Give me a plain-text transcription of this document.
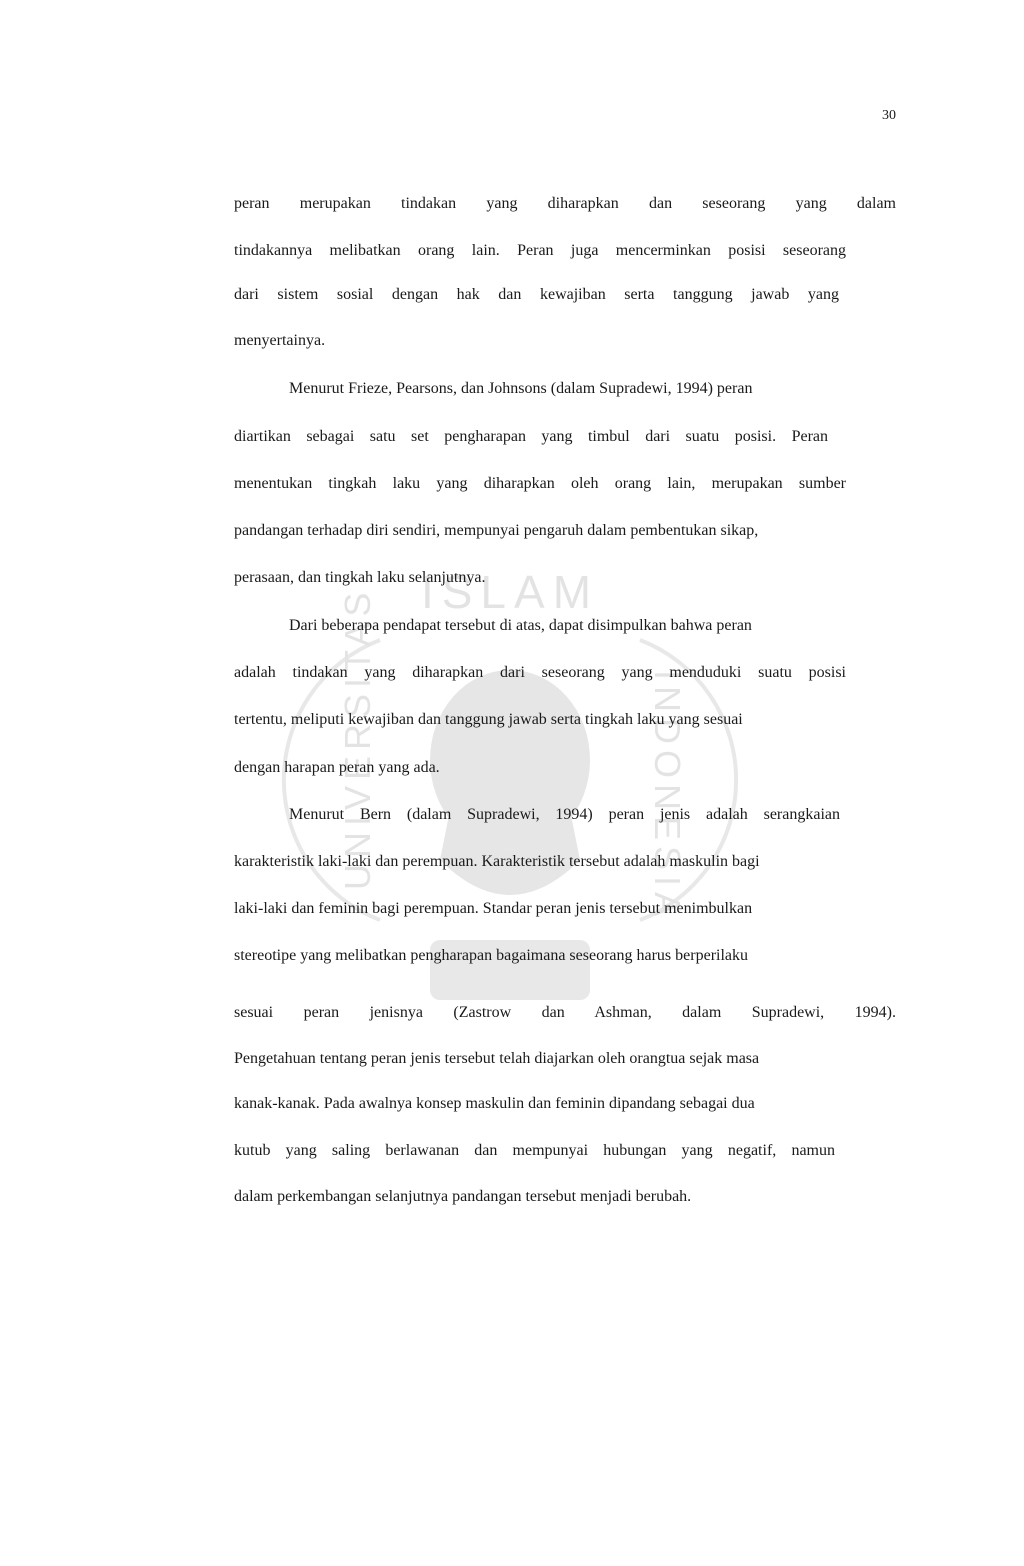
30
ISLAM
UNIVERSITAS	INDONESIA
peran merupakan tindakan yang diharapkan dan seseorang yang dalam
tindakannya melibatkan orang lain. Peran juga mencerminkan posisi seseorang
dari sistem sosial dengan hak dan kewajiban serta tanggung jawab yang
menyertainya.
Menurut Frieze, Pearsons, dan Johnsons (dalam Supradewi, 1994) peran
diartikan sebagai satu set pengharapan yang timbul dari suatu posisi. Peran
menentukan tingkah laku yang diharapkan oleh orang lain, merupakan sumber
pandangan terhadap diri sendiri, mempunyai pengaruh dalam pembentukan sikap,
perasaan, dan tingkah laku selanjutnya.
Dari beberapa pendapat tersebut di atas, dapat disimpulkan bahwa peran
adalah tindakan yang diharapkan dari seseorang yang menduduki suatu posisi
tertentu, meliputi kewajiban dan tanggung jawab serta tingkah laku yang sesuai
dengan harapan peran yang ada.
Menurut Bern (dalam Supradewi, 1994) peran jenis adalah serangkaian
karakteristik laki-laki dan perempuan. Karakteristik tersebut adalah maskulin bagi
laki-laki dan feminin bagi perempuan. Standar peran jenis tersebut menimbulkan
stereotipe yang melibatkan pengharapan bagaimana seseorang harus berperilaku
sesuai peran jenisnya (Zastrow dan Ashman, dalam Supradewi, 1994).
Pengetahuan tentang peran jenis tersebut telah diajarkan oleh orangtua sejak masa
kanak-kanak. Pada awalnya konsep maskulin dan feminin dipandang sebagai dua
kutub yang saling berlawanan dan mempunyai hubungan yang negatif, namun
dalam perkembangan selanjutnya pandangan tersebut menjadi berubah.
